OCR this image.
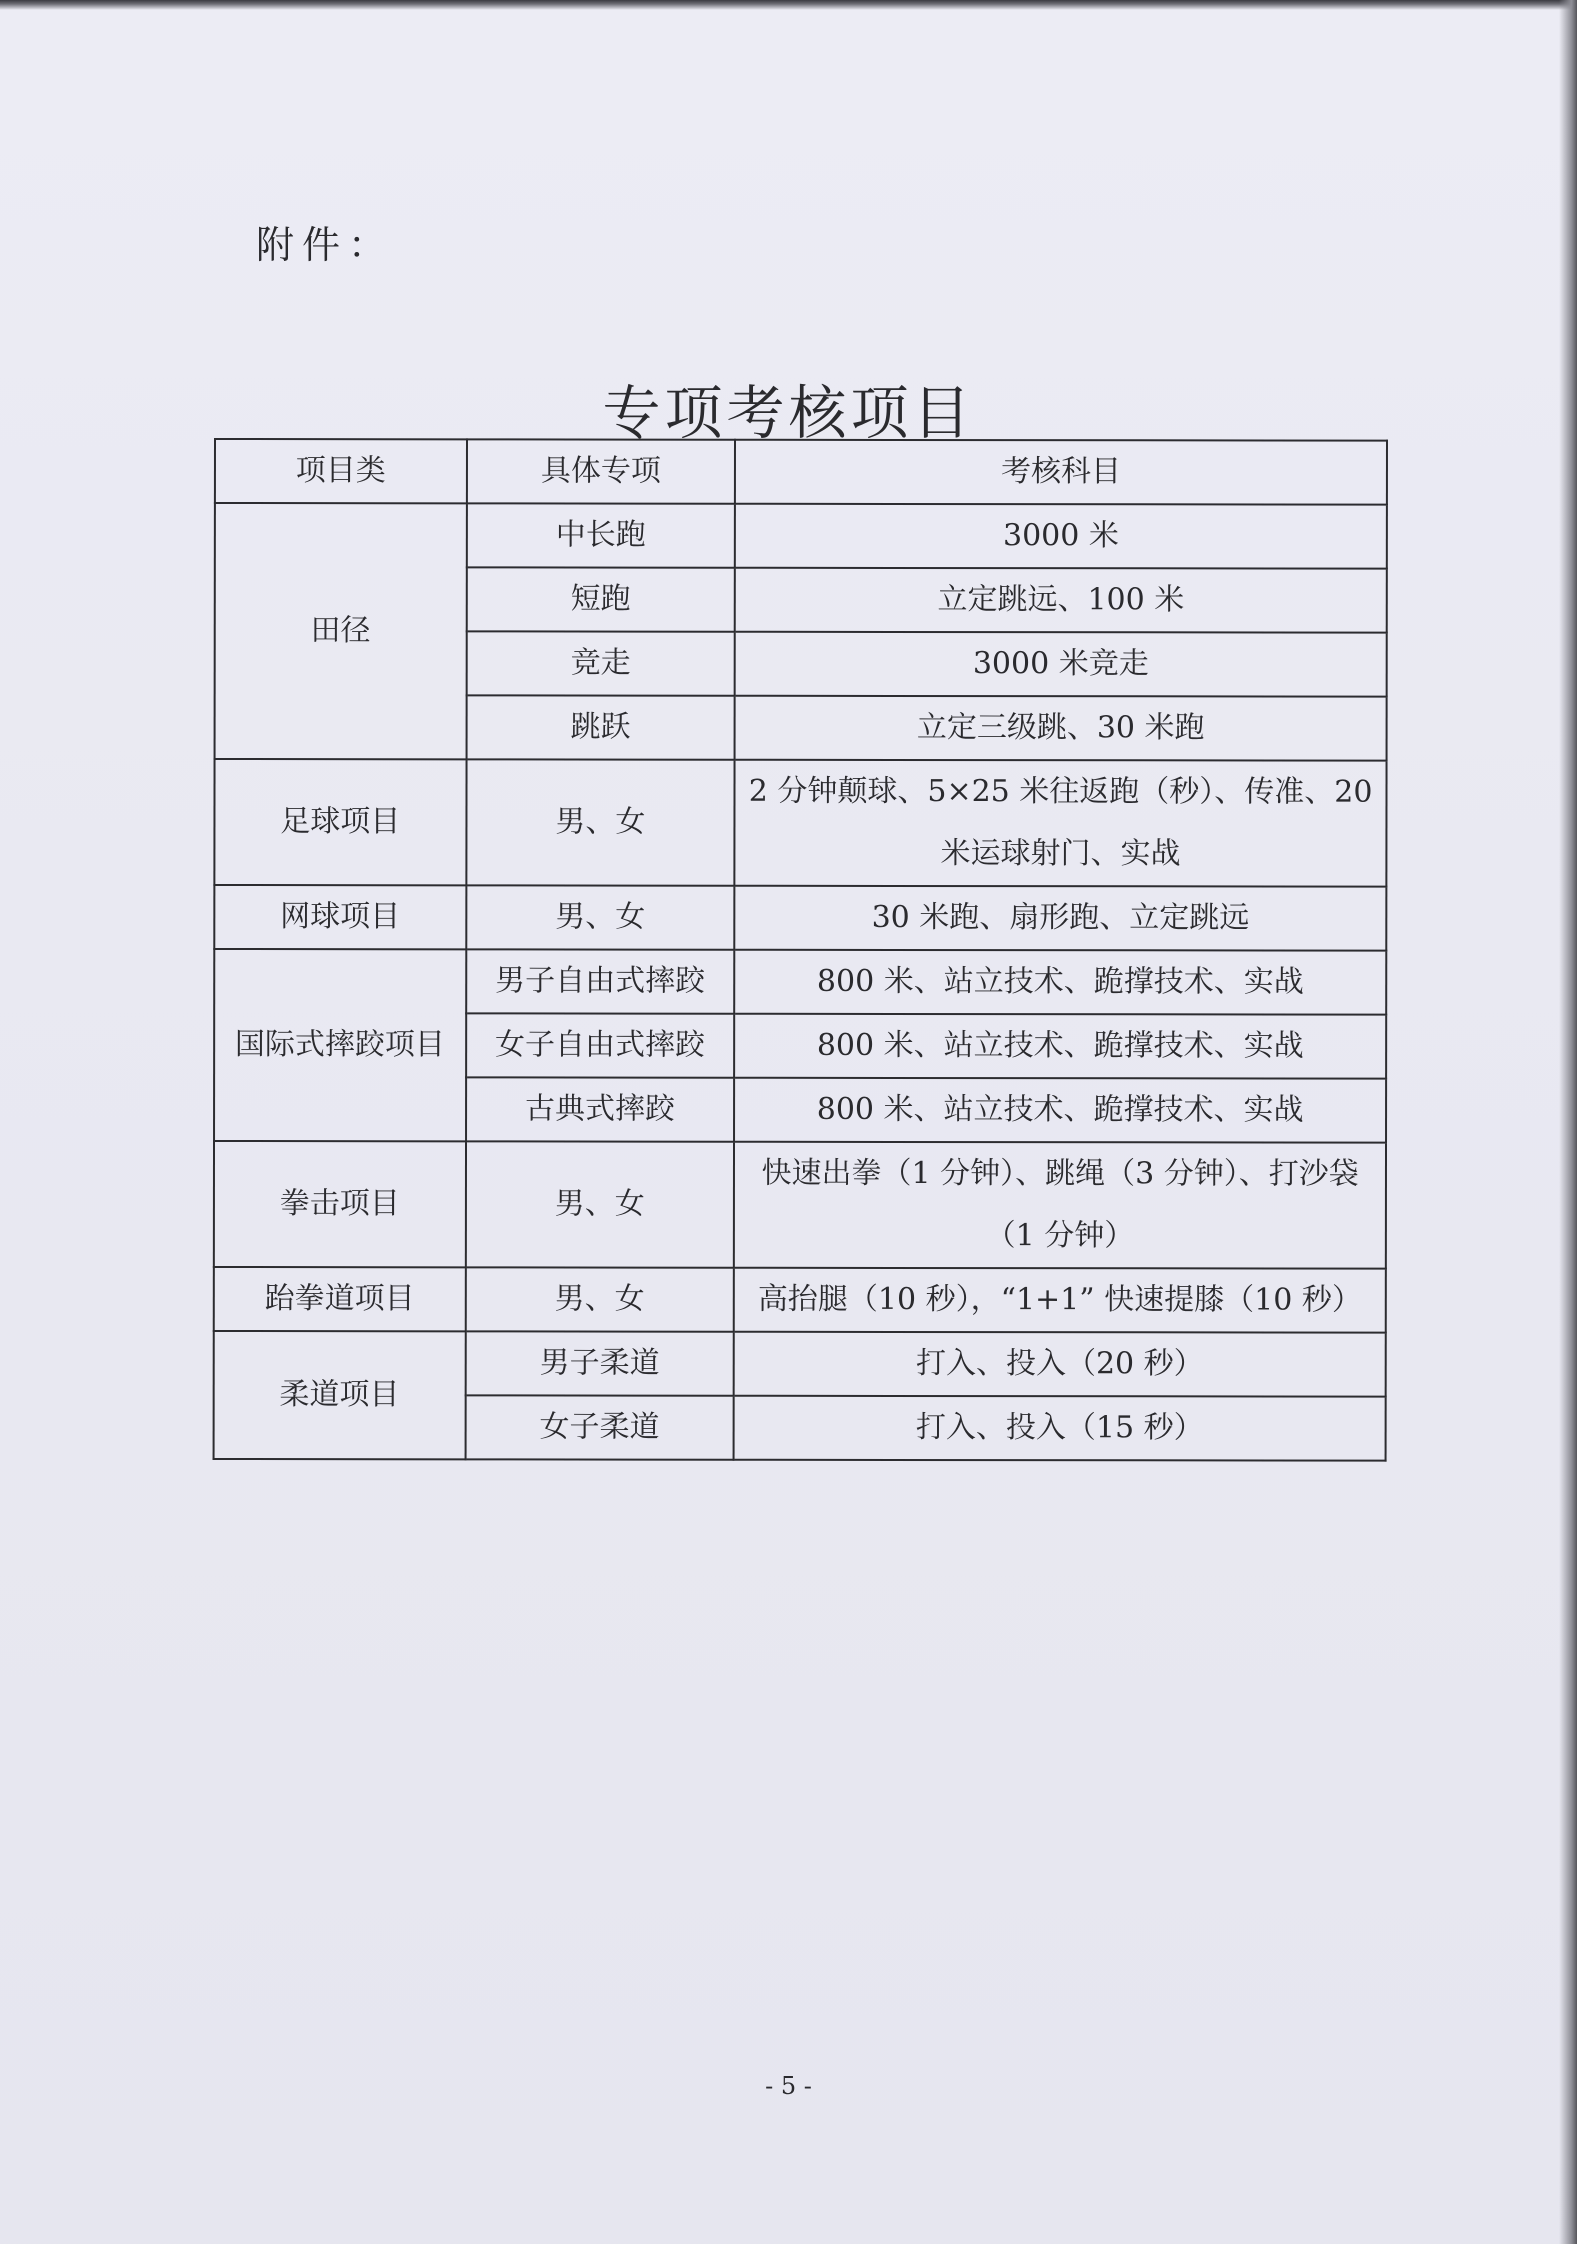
附件：
专项考核项目
项目类	具体专项	考核科目
田径	中长跑	3000 米
	短跑	立定跳远、100 米
	竞走	3000 米竞走
	跳跃	立定三级跳、30 米跑
足球项目	男、女	2 分钟颠球、5×25 米往返跑（秒）、传准、20 米运球射门、实战
网球项目	男、女	30 米跑、扇形跑、立定跳远
国际式摔跤项目	男子自由式摔跤	800 米、站立技术、跪撑技术、实战
	女子自由式摔跤	800 米、站立技术、跪撑技术、实战
	古典式摔跤	800 米、站立技术、跪撑技术、实战
拳击项目	男、女	快速出拳（1 分钟）、跳绳（3 分钟）、打沙袋（1 分钟）
跆拳道项目	男、女	高抬腿（10 秒），“1+1” 快速提膝（10 秒）
柔道项目	男子柔道	打入、投入（20 秒）
	女子柔道	打入、投入（15 秒）
- 5 -
